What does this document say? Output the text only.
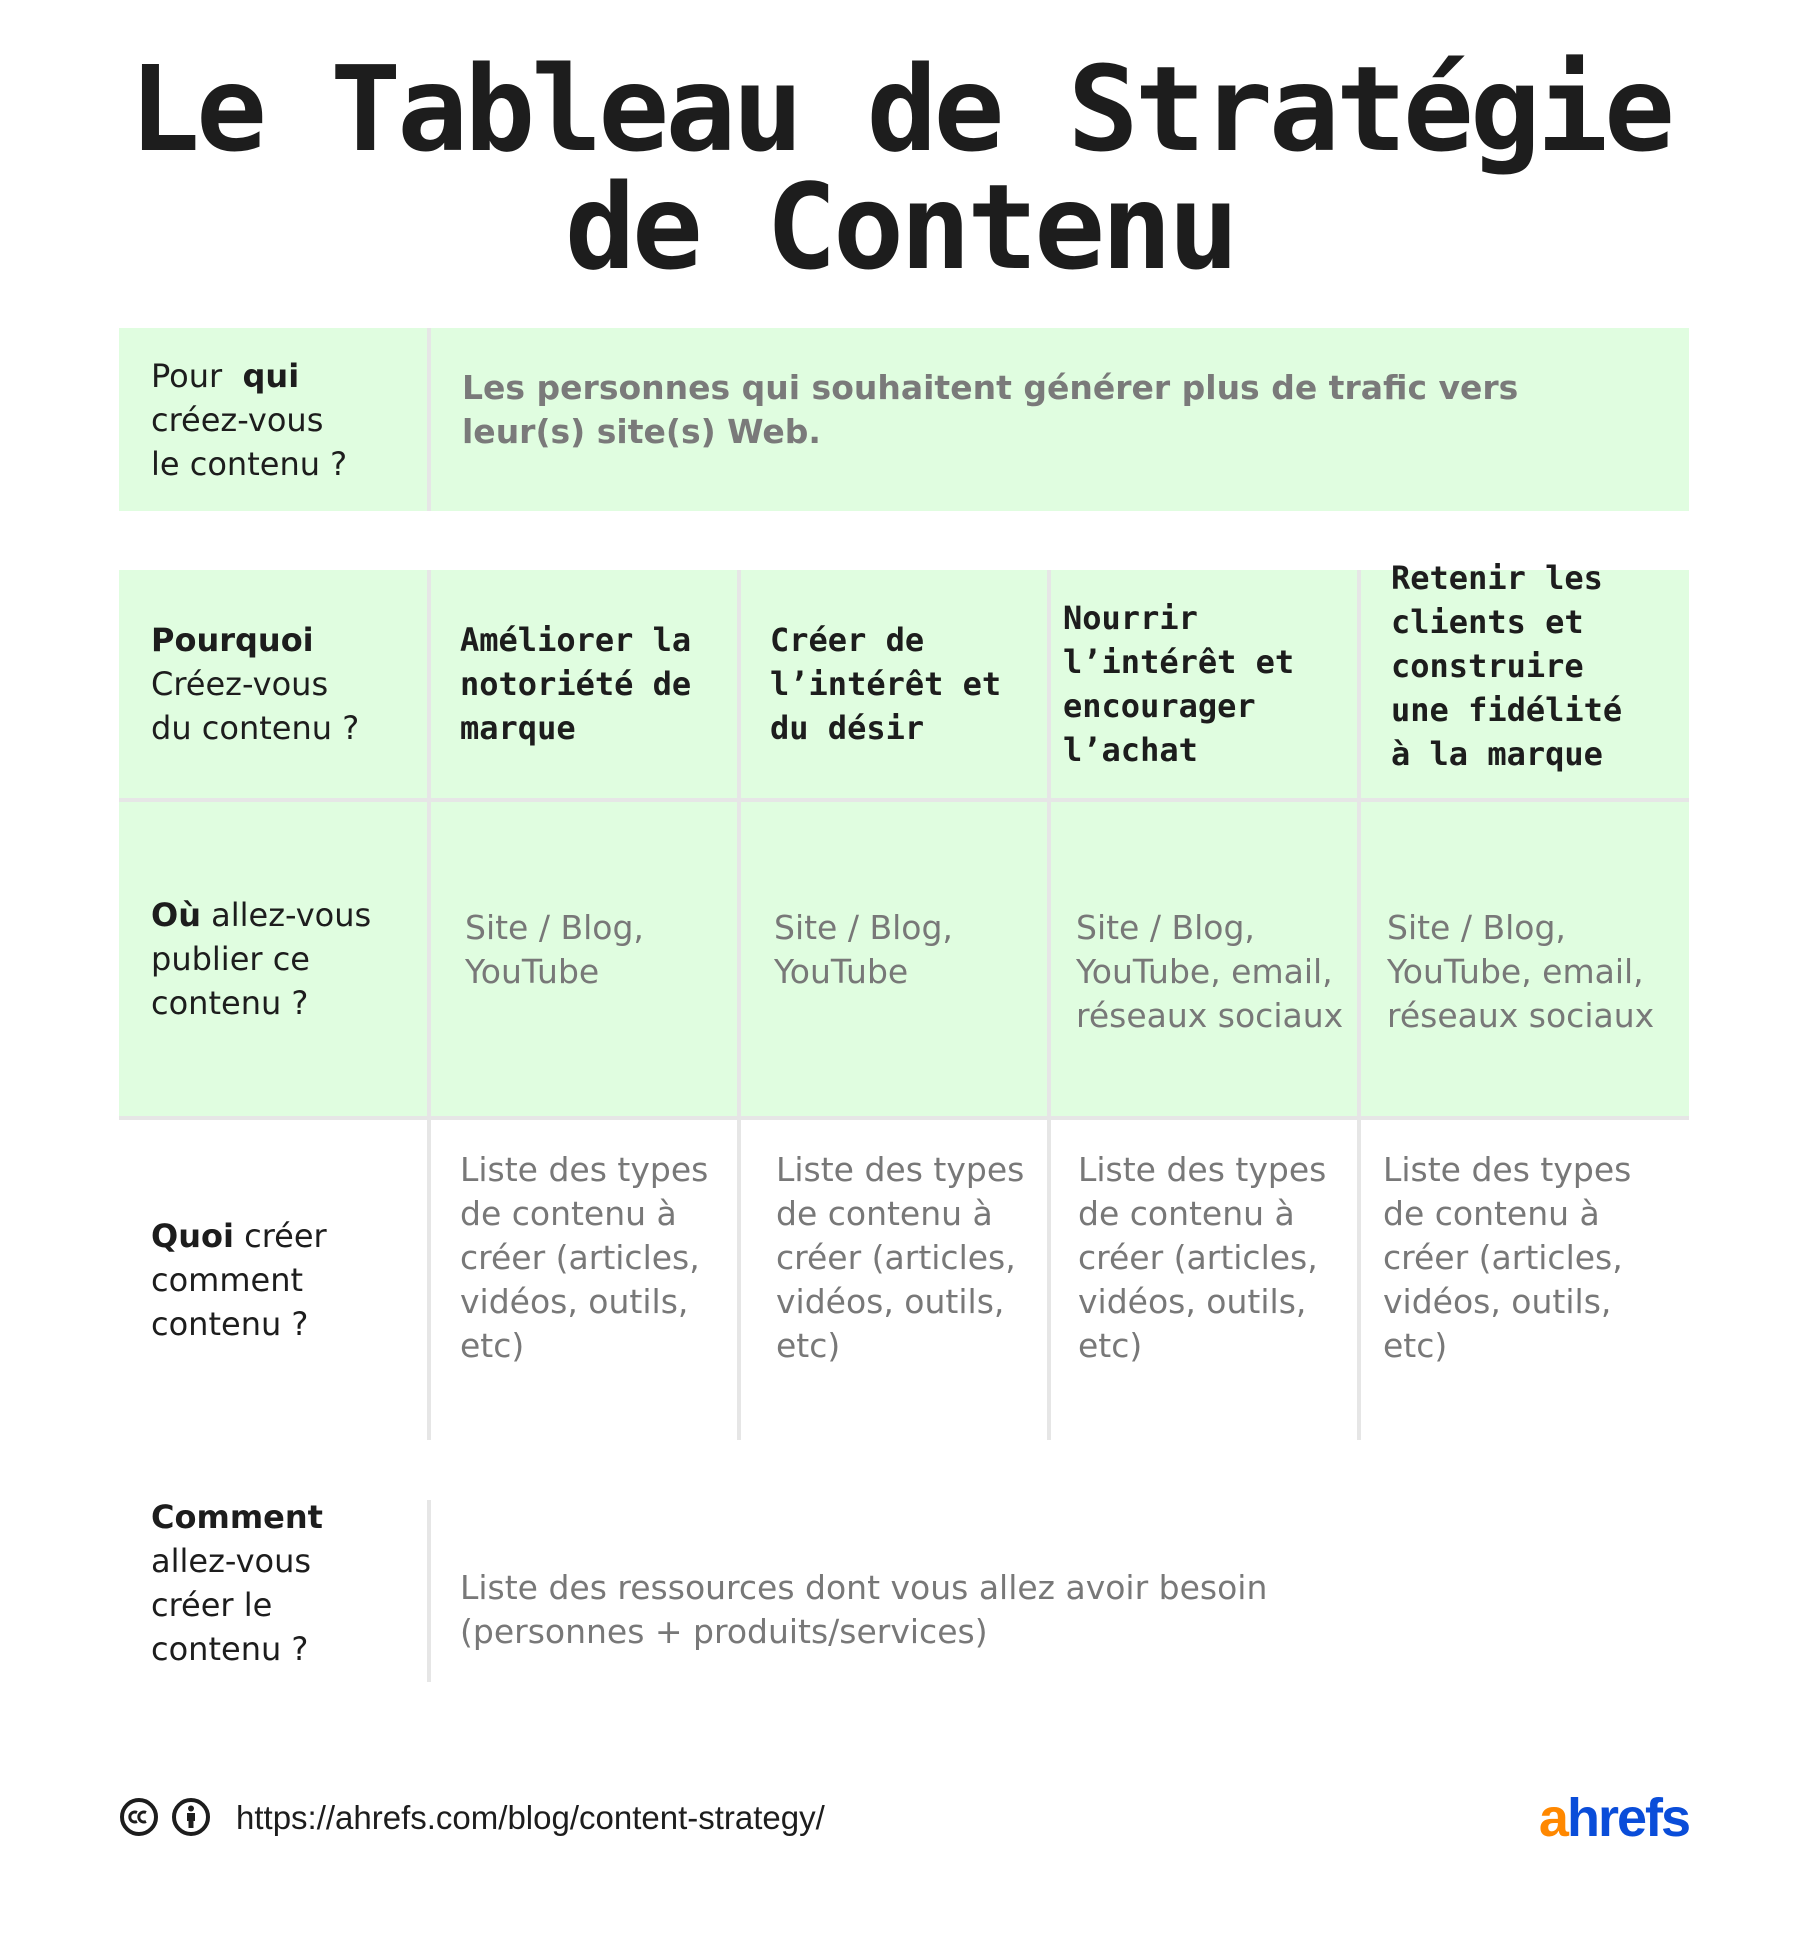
Le Tableau de Stratégie
de Contenu
Pour qui
créez-vous
le contenu ?
Les personnes qui souhaitent générer plus de trafic vers
leur(s) site(s) Web.
Pourquoi
Créez-vous
du contenu ?
Améliorer la
notoriété de
marque
Créer de
l’intérêt et
du désir
Nourrir
l’intérêt et
encourager
l’achat
Retenir les
clients et
construire
une fidélité
à la marque
Où allez-vous
publier ce
contenu ?
Site / Blog,
YouTube
Site / Blog,
YouTube
Site / Blog,
YouTube, email,
réseaux sociaux
Site / Blog,
YouTube, email,
réseaux sociaux
Quoi créer
comment
contenu ?
Liste des types
de contenu à
créer (articles,
vidéos, outils,
etc)
Liste des types
de contenu à
créer (articles,
vidéos, outils,
etc)
Liste des types
de contenu à
créer (articles,
vidéos, outils,
etc)
Liste des types
de contenu à
créer (articles,
vidéos, outils,
etc)
Comment
allez-vous
créer le
contenu ?
Liste des ressources dont vous allez avoir besoin
(personnes + produits/services)
https://ahrefs.com/blog/content-strategy/	ahrefs
